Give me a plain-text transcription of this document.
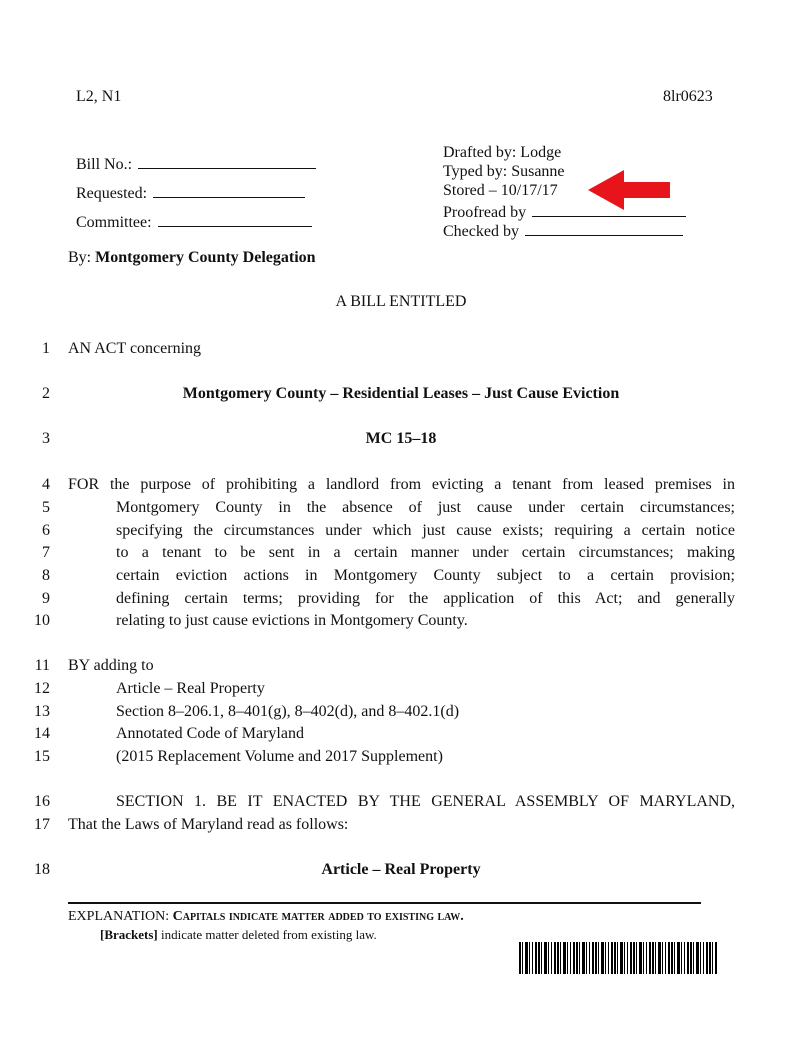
L2, N1	8lr0623
Bill No.:
Requested:
Committee:
Drafted by: Lodge
Typed by: Susanne
Stored – 10/17/17
Proofread by
Checked by
By: Montgomery County Delegation
A BILL ENTITLED
1 AN ACT concerning
2	Montgomery County – Residential Leases – Just Cause Eviction
3	MC 15–18
4 FOR the purpose of prohibiting a landlord from evicting a tenant from leased premises in
5	Montgomery County in the absence of just cause under certain circumstances;
6	specifying the circumstances under which just cause exists; requiring a certain notice
7	to a tenant to be sent in a certain manner under certain circumstances; making
8	certain eviction actions in Montgomery County subject to a certain provision;
9	defining certain terms; providing for the application of this Act; and generally
10	relating to just cause evictions in Montgomery County.
11 BY adding to
12	Article – Real Property
13	Section 8–206.1, 8–401(g), 8–402(d), and 8–402.1(d)
14	Annotated Code of Maryland
15	(2015 Replacement Volume and 2017 Supplement)
16	SECTION 1. BE IT ENACTED BY THE GENERAL ASSEMBLY OF MARYLAND,
17 That the Laws of Maryland read as follows:
18	Article – Real Property
EXPLANATION: Capitals indicate matter added to existing law.
[Brackets] indicate matter deleted from existing law.
